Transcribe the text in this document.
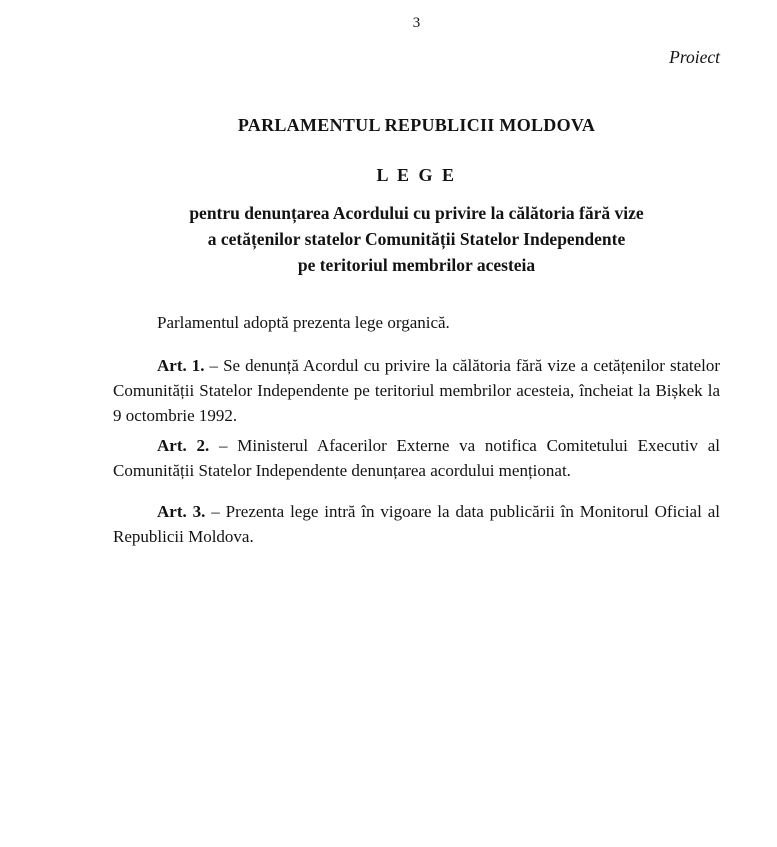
3
Proiect
PARLAMENTUL REPUBLICII MOLDOVA
L E G E
pentru denunțarea Acordului cu privire la călătoria fără vize
a cetățenilor statelor Comunității Statelor Independente
pe teritoriul membrilor acesteia

Parlamentul adoptă prezenta lege organică.

Art. 1. – Se denunță Acordul cu privire la călătoria fără vize a cetățenilor statelor Comunității Statelor Independente pe teritoriul membrilor acesteia, încheiat la Bișkek la 9 octombrie 1992.

Art. 2. – Ministerul Afacerilor Externe va notifica Comitetului Executiv al Comunității Statelor Independente denunțarea acordului menționat.

Art. 3. – Prezenta lege intră în vigoare la data publicării în Monitorul Oficial al Republicii Moldova.
